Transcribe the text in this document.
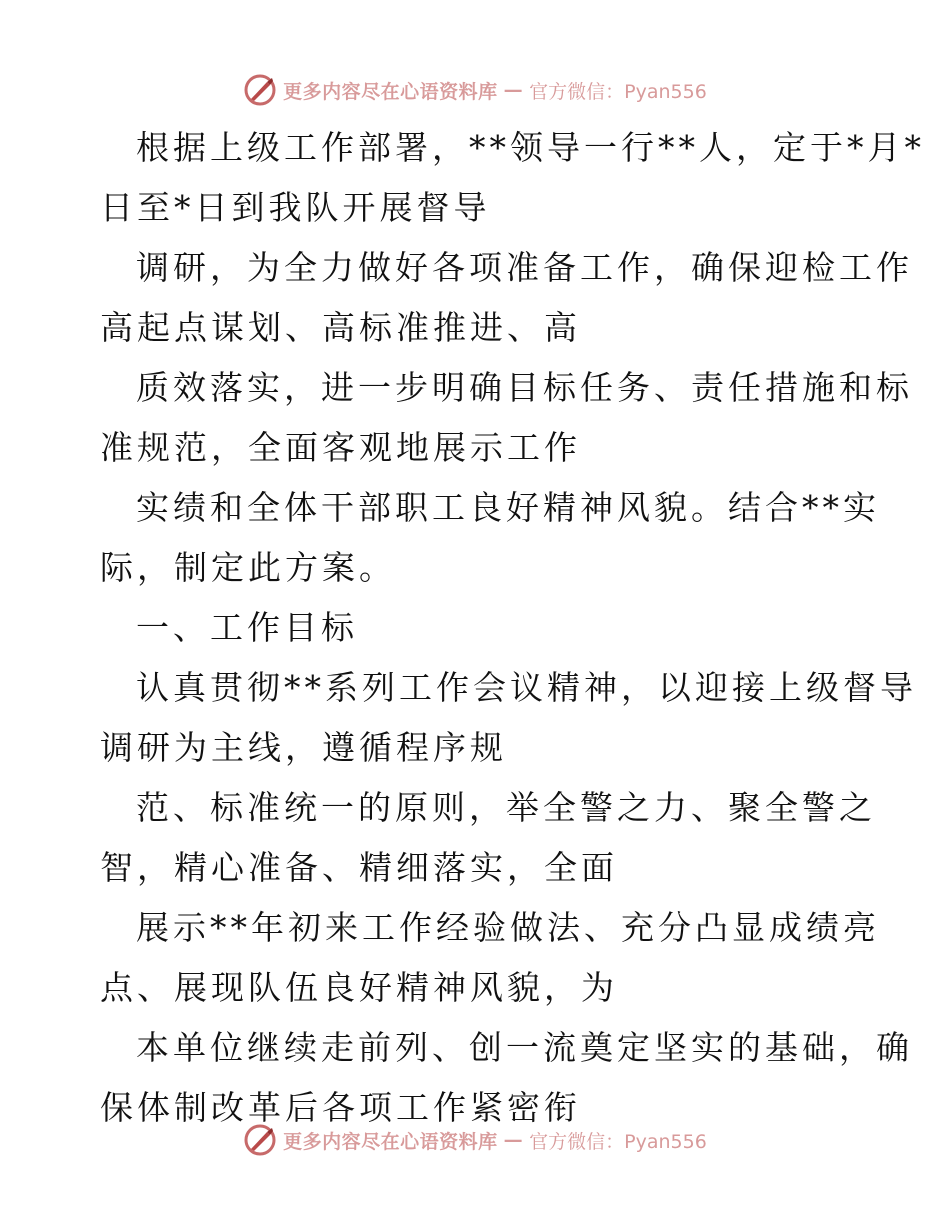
更多内容尽在心语资料库 — 官方微信：Pyan556
根据上级工作部署，**领导一行**人，定于*月*
日至*日到我队开展督导
调研，为全力做好各项准备工作，确保迎检工作
高起点谋划、高标准推进、高
质效落实，进一步明确目标任务、责任措施和标
准规范，全面客观地展示工作
实绩和全体干部职工良好精神风貌。结合**实
际，制定此方案。
一、工作目标
认真贯彻**系列工作会议精神，以迎接上级督导
调研为主线，遵循程序规
范、标准统一的原则，举全警之力、聚全警之
智，精心准备、精细落实，全面
展示**年初来工作经验做法、充分凸显成绩亮
点、展现队伍良好精神风貌，为
本单位继续走前列、创一流奠定坚实的基础，确
保体制改革后各项工作紧密衔
更多内容尽在心语资料库 — 官方微信：Pyan556
